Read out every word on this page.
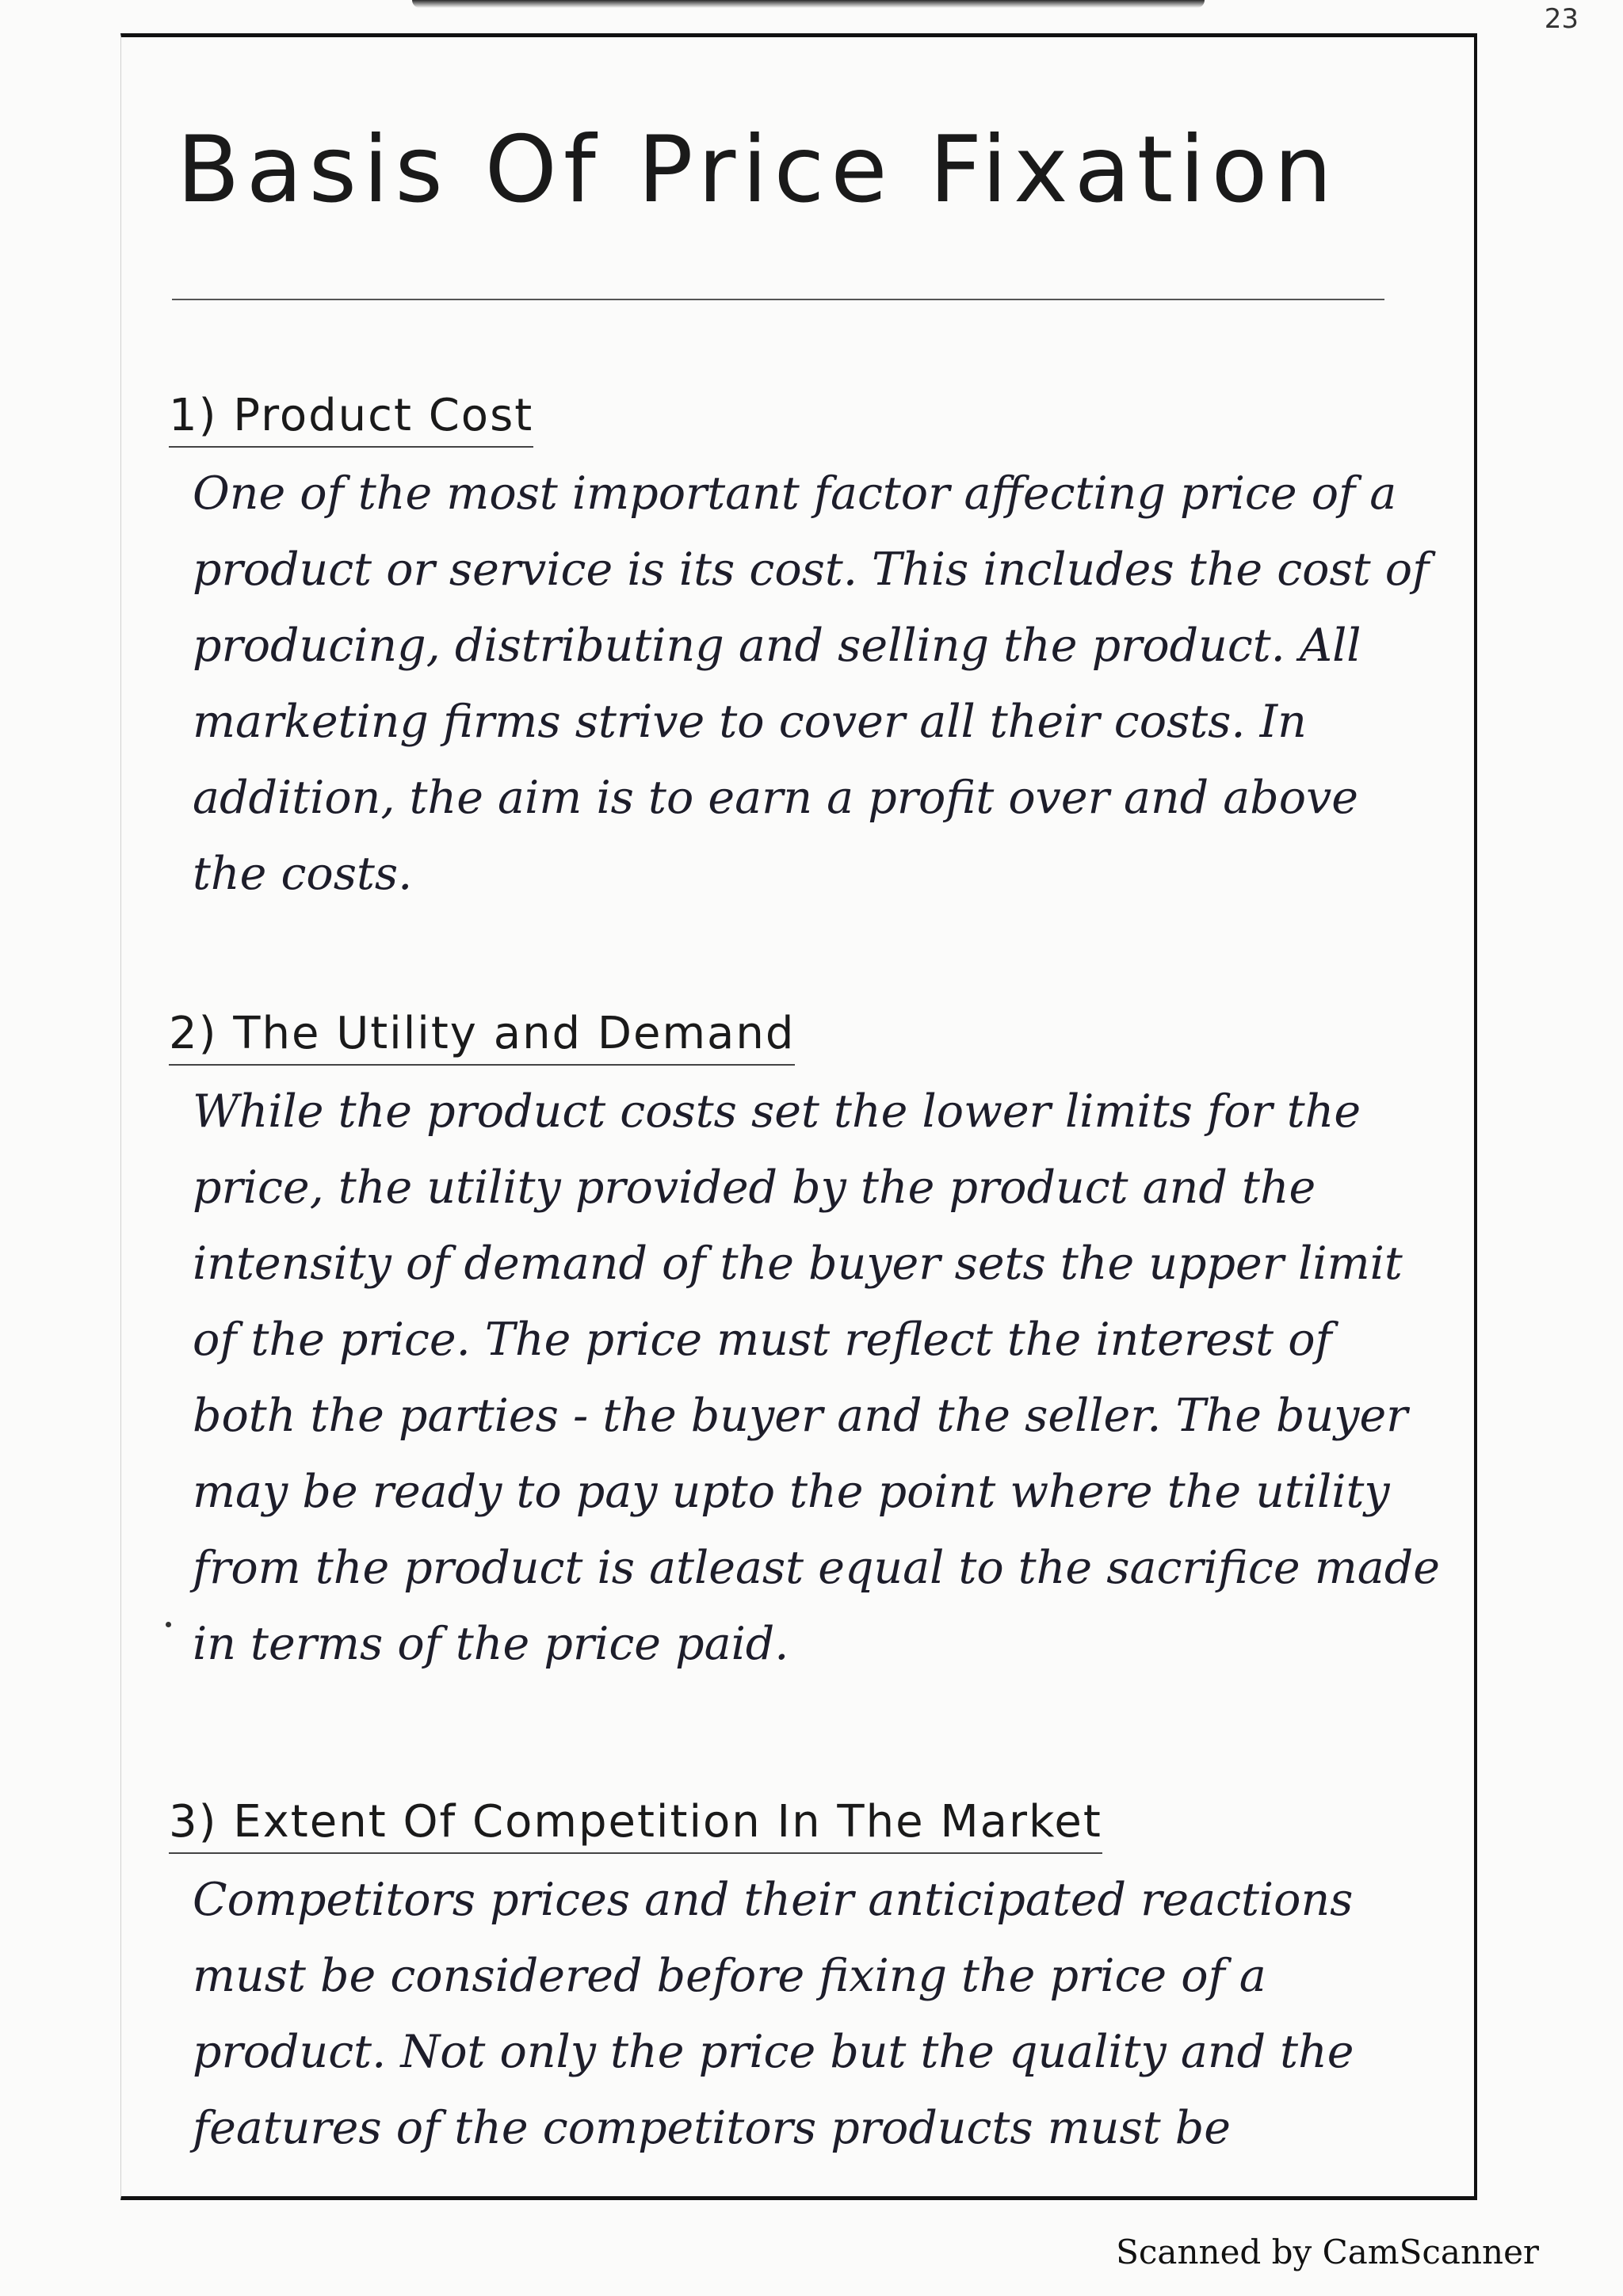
23
Basis Of Price Fixation
1) Product Cost
One of the most important factor affecting price of a product or service is its cost. This includes the cost of producing, distributing and selling the product. All marketing firms strive to cover all their costs. In addition, the aim is to earn a profit over and above the costs.
2) The Utility and Demand
While the product costs set the lower limits for the price, the utility provided by the product and the intensity of demand of the buyer sets the upper limit of the price. The price must reflect the interest of both the parties - the buyer and the seller. The buyer may be ready to pay upto the point where the utility from the product is atleast equal to the sacrifice made in terms of the price paid.
3) Extent Of Competition In The Market
Competitors prices and their anticipated reactions must be considered before fixing the price of a product. Not only the price but the quality and the features of the competitors products must be
Scanned by CamScanner
